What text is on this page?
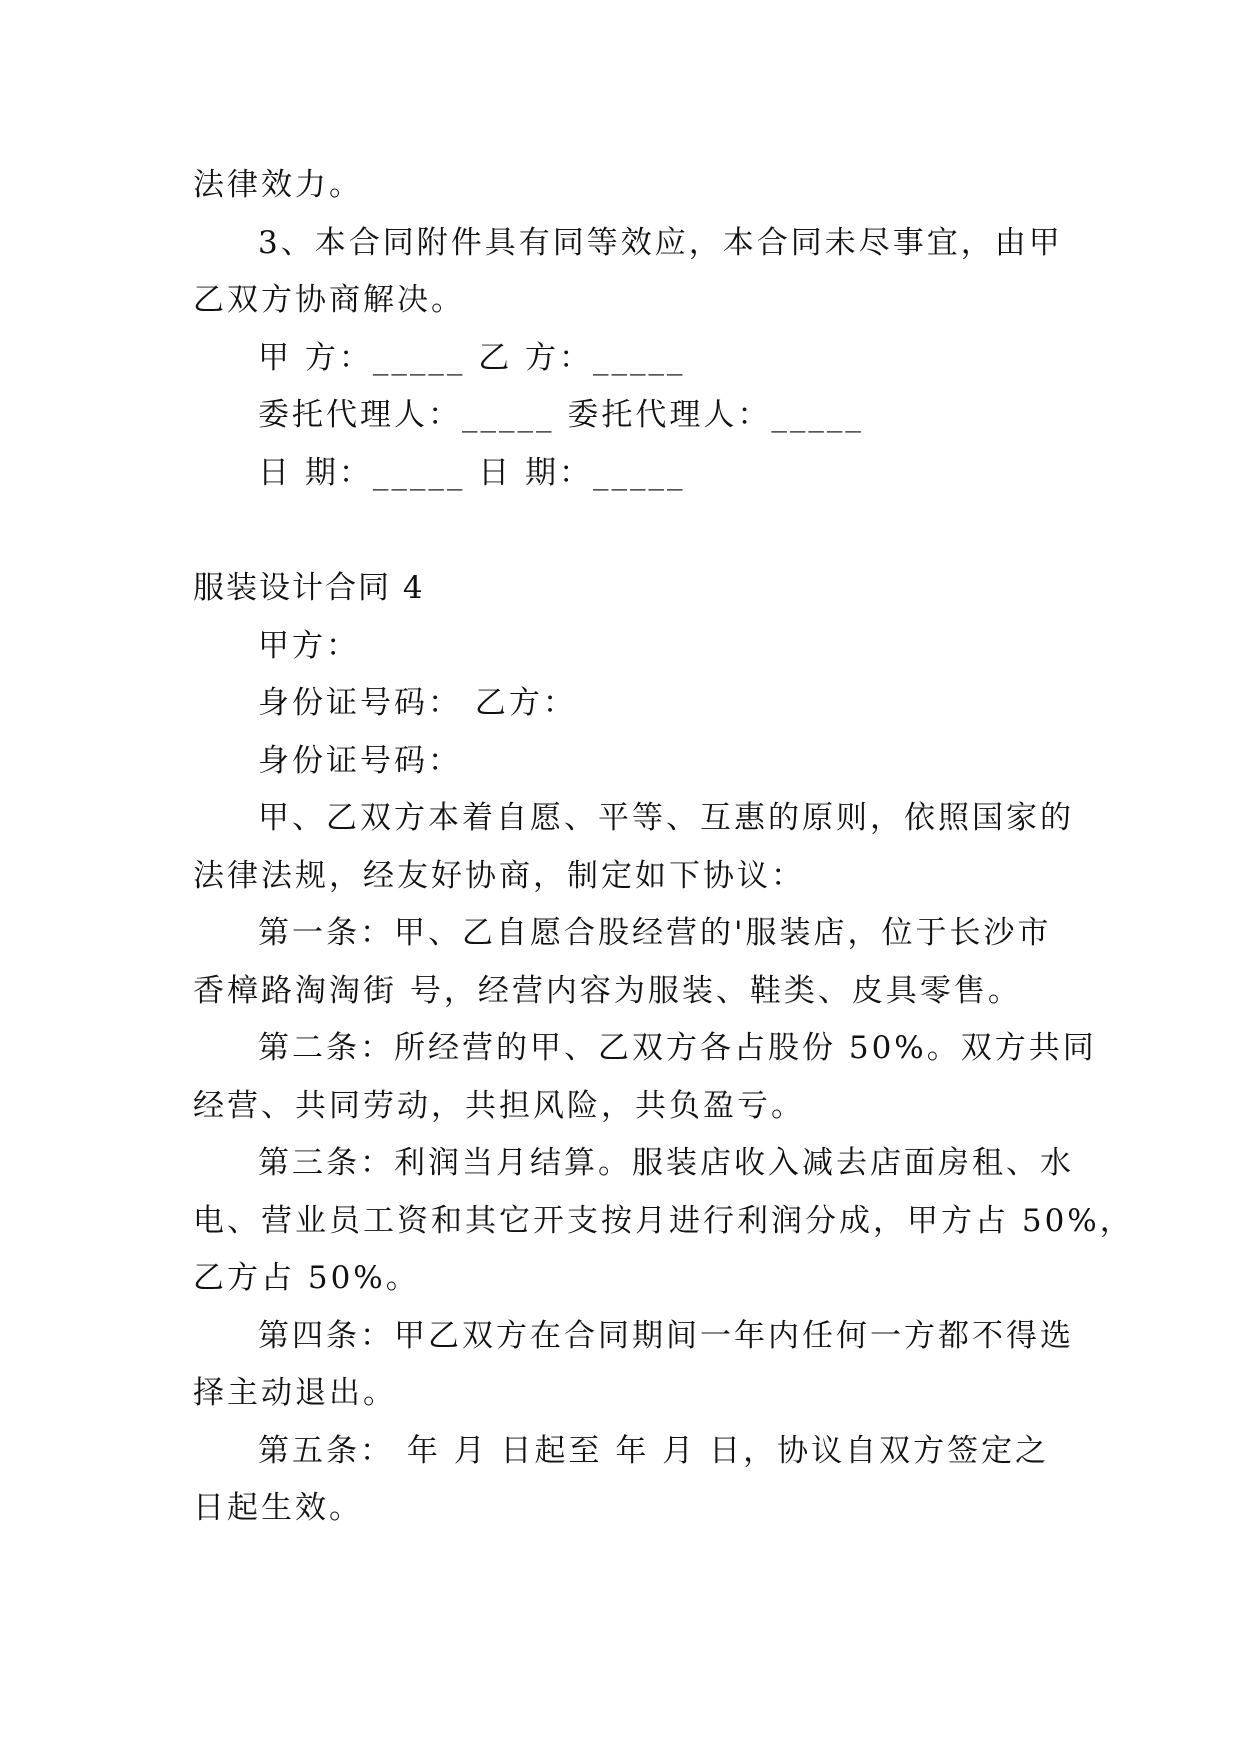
法律效力。

3、本合同附件具有同等效应，本合同未尽事宜，由甲

乙双方协商解决。

甲 方：_____ 乙 方：_____

委托代理人：_____ 委托代理人：_____

日 期：_____ 日 期：_____

服装设计合同 4

甲方：

身份证号码： 乙方：

身份证号码：

甲、乙双方本着自愿、平等、互惠的原则，依照国家的

法律法规，经友好协商，制定如下协议：

第一条：甲、乙自愿合股经营的'服装店，位于长沙市

香樟路淘淘街 号，经营内容为服装、鞋类、皮具零售。

第二条：所经营的甲、乙双方各占股份 50%。双方共同

经营、共同劳动，共担风险，共负盈亏。

第三条：利润当月结算。服装店收入减去店面房租、水

电、营业员工资和其它开支按月进行利润分成，甲方占 50%，

乙方占 50%。

第四条：甲乙双方在合同期间一年内任何一方都不得选

择主动退出。

第五条： 年 月 日起至 年 月 日，协议自双方签定之

日起生效。
